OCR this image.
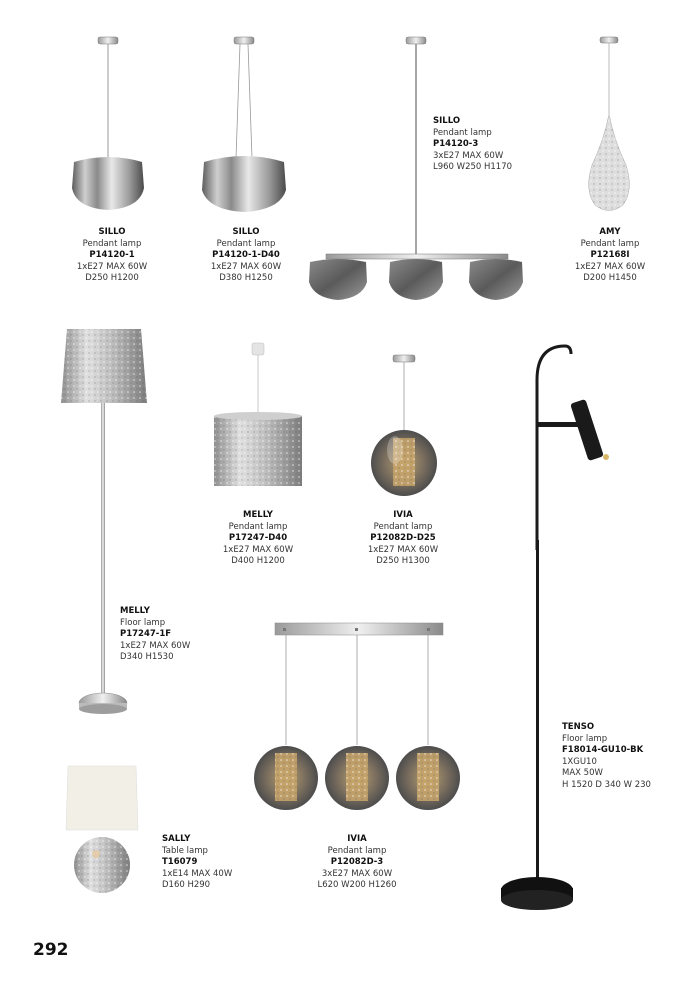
SILLO
Pendant lamp
P14120-1
1xE27 MAX 60W
D250 H1200
SILLO
Pendant lamp
P14120-1-D40
1xE27 MAX 60W
D380 H1250
SILLO
Pendant lamp
P14120-3
3xE27 MAX 60W
L960 W250 H1170
AMY
Pendant lamp
P12168I
1xE27 MAX 60W
D200 H1450
MELLY
Floor lamp
P17247-1F
1xE27 MAX 60W
D340 H1530
MELLY
Pendant lamp
P17247-D40
1xE27 MAX 60W
D400 H1200
IVIA
Pendant lamp
P12082D-D25
1xE27 MAX 60W
D250 H1300
TENSO
Floor lamp
F18014-GU10-BK
1XGU10
MAX 50W
H 1520 D 340 W 230
SALLY
Table lamp
T16079
1xE14 MAX 40W
D160 H290
IVIA
Pendant lamp
P12082D-3
3xE27 MAX 60W
L620 W200 H1260
292
